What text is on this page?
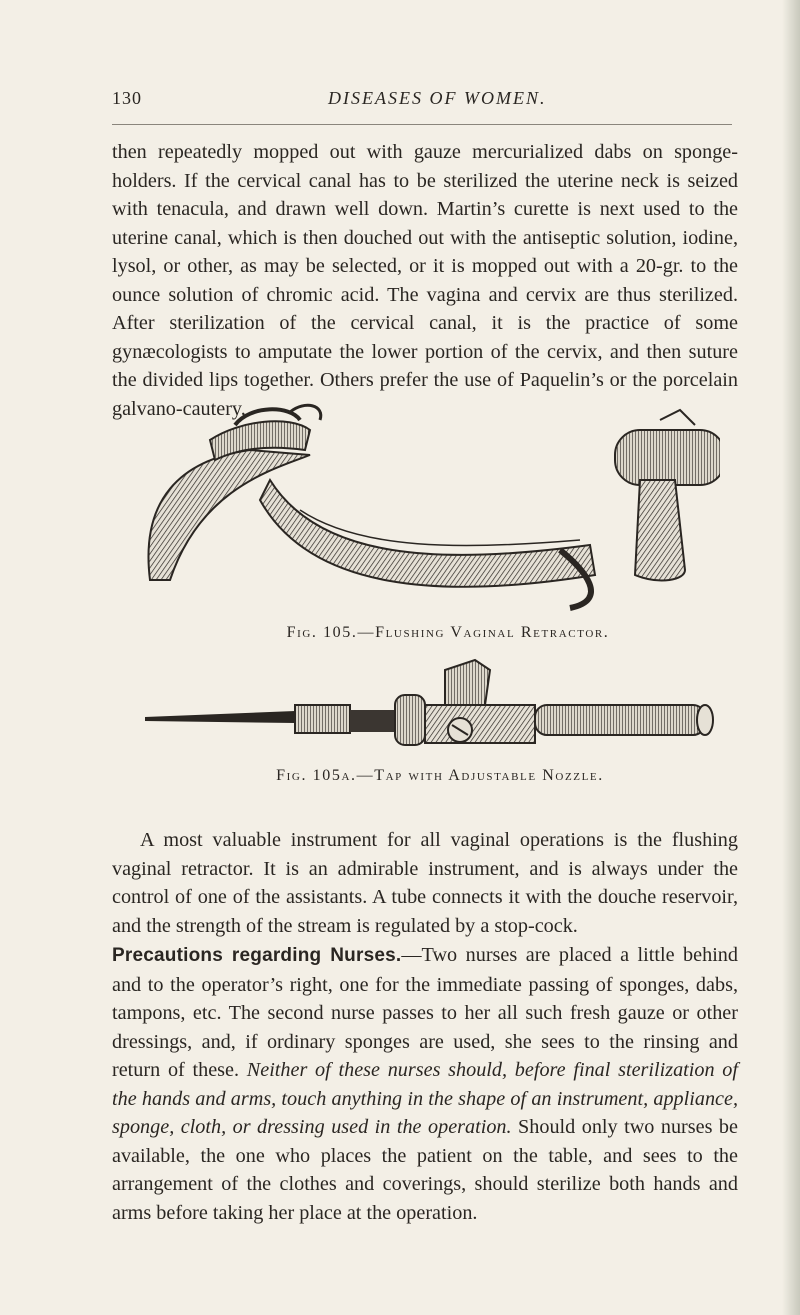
130	DISEASES OF WOMEN.

then repeatedly mopped out with gauze mercurialized dabs on sponge-holders. If the cervical canal has to be sterilized the uterine neck is seized with tenacula, and drawn well down. Martin’s curette is next used to the uterine canal, which is then douched out with the antiseptic solution, iodine, lysol, or other, as may be selected, or it is mopped out with a 20-gr. to the ounce solution of chromic acid. The vagina and cervix are thus sterilized. After sterilization of the cervical canal, it is the practice of some gynæcologists to amputate the lower portion of the cervix, and then suture the divided lips together. Others prefer the use of Paquelin’s or the porcelain galvano-cautery.

Fig. 105.—Flushing Vaginal Retractor.
Fig. 105a.—Tap with Adjustable Nozzle.

A most valuable instrument for all vaginal operations is the flushing vaginal retractor. It is an admirable instrument, and is always under the control of one of the assistants. A tube connects it with the douche reservoir, and the strength of the stream is regulated by a stop-cock.

Precautions regarding Nurses.—Two nurses are placed a little behind and to the operator’s right, one for the immediate passing of sponges, dabs, tampons, etc. The second nurse passes to her all such fresh gauze or other dressings, and, if ordinary sponges are used, she sees to the rinsing and return of these. Neither of these nurses should, before final sterilization of the hands and arms, touch anything in the shape of an instrument, appliance, sponge, cloth, or dressing used in the operation. Should only two nurses be available, the one who places the patient on the table, and sees to the arrangement of the clothes and coverings, should sterilize both hands and arms before taking her place at the operation.
